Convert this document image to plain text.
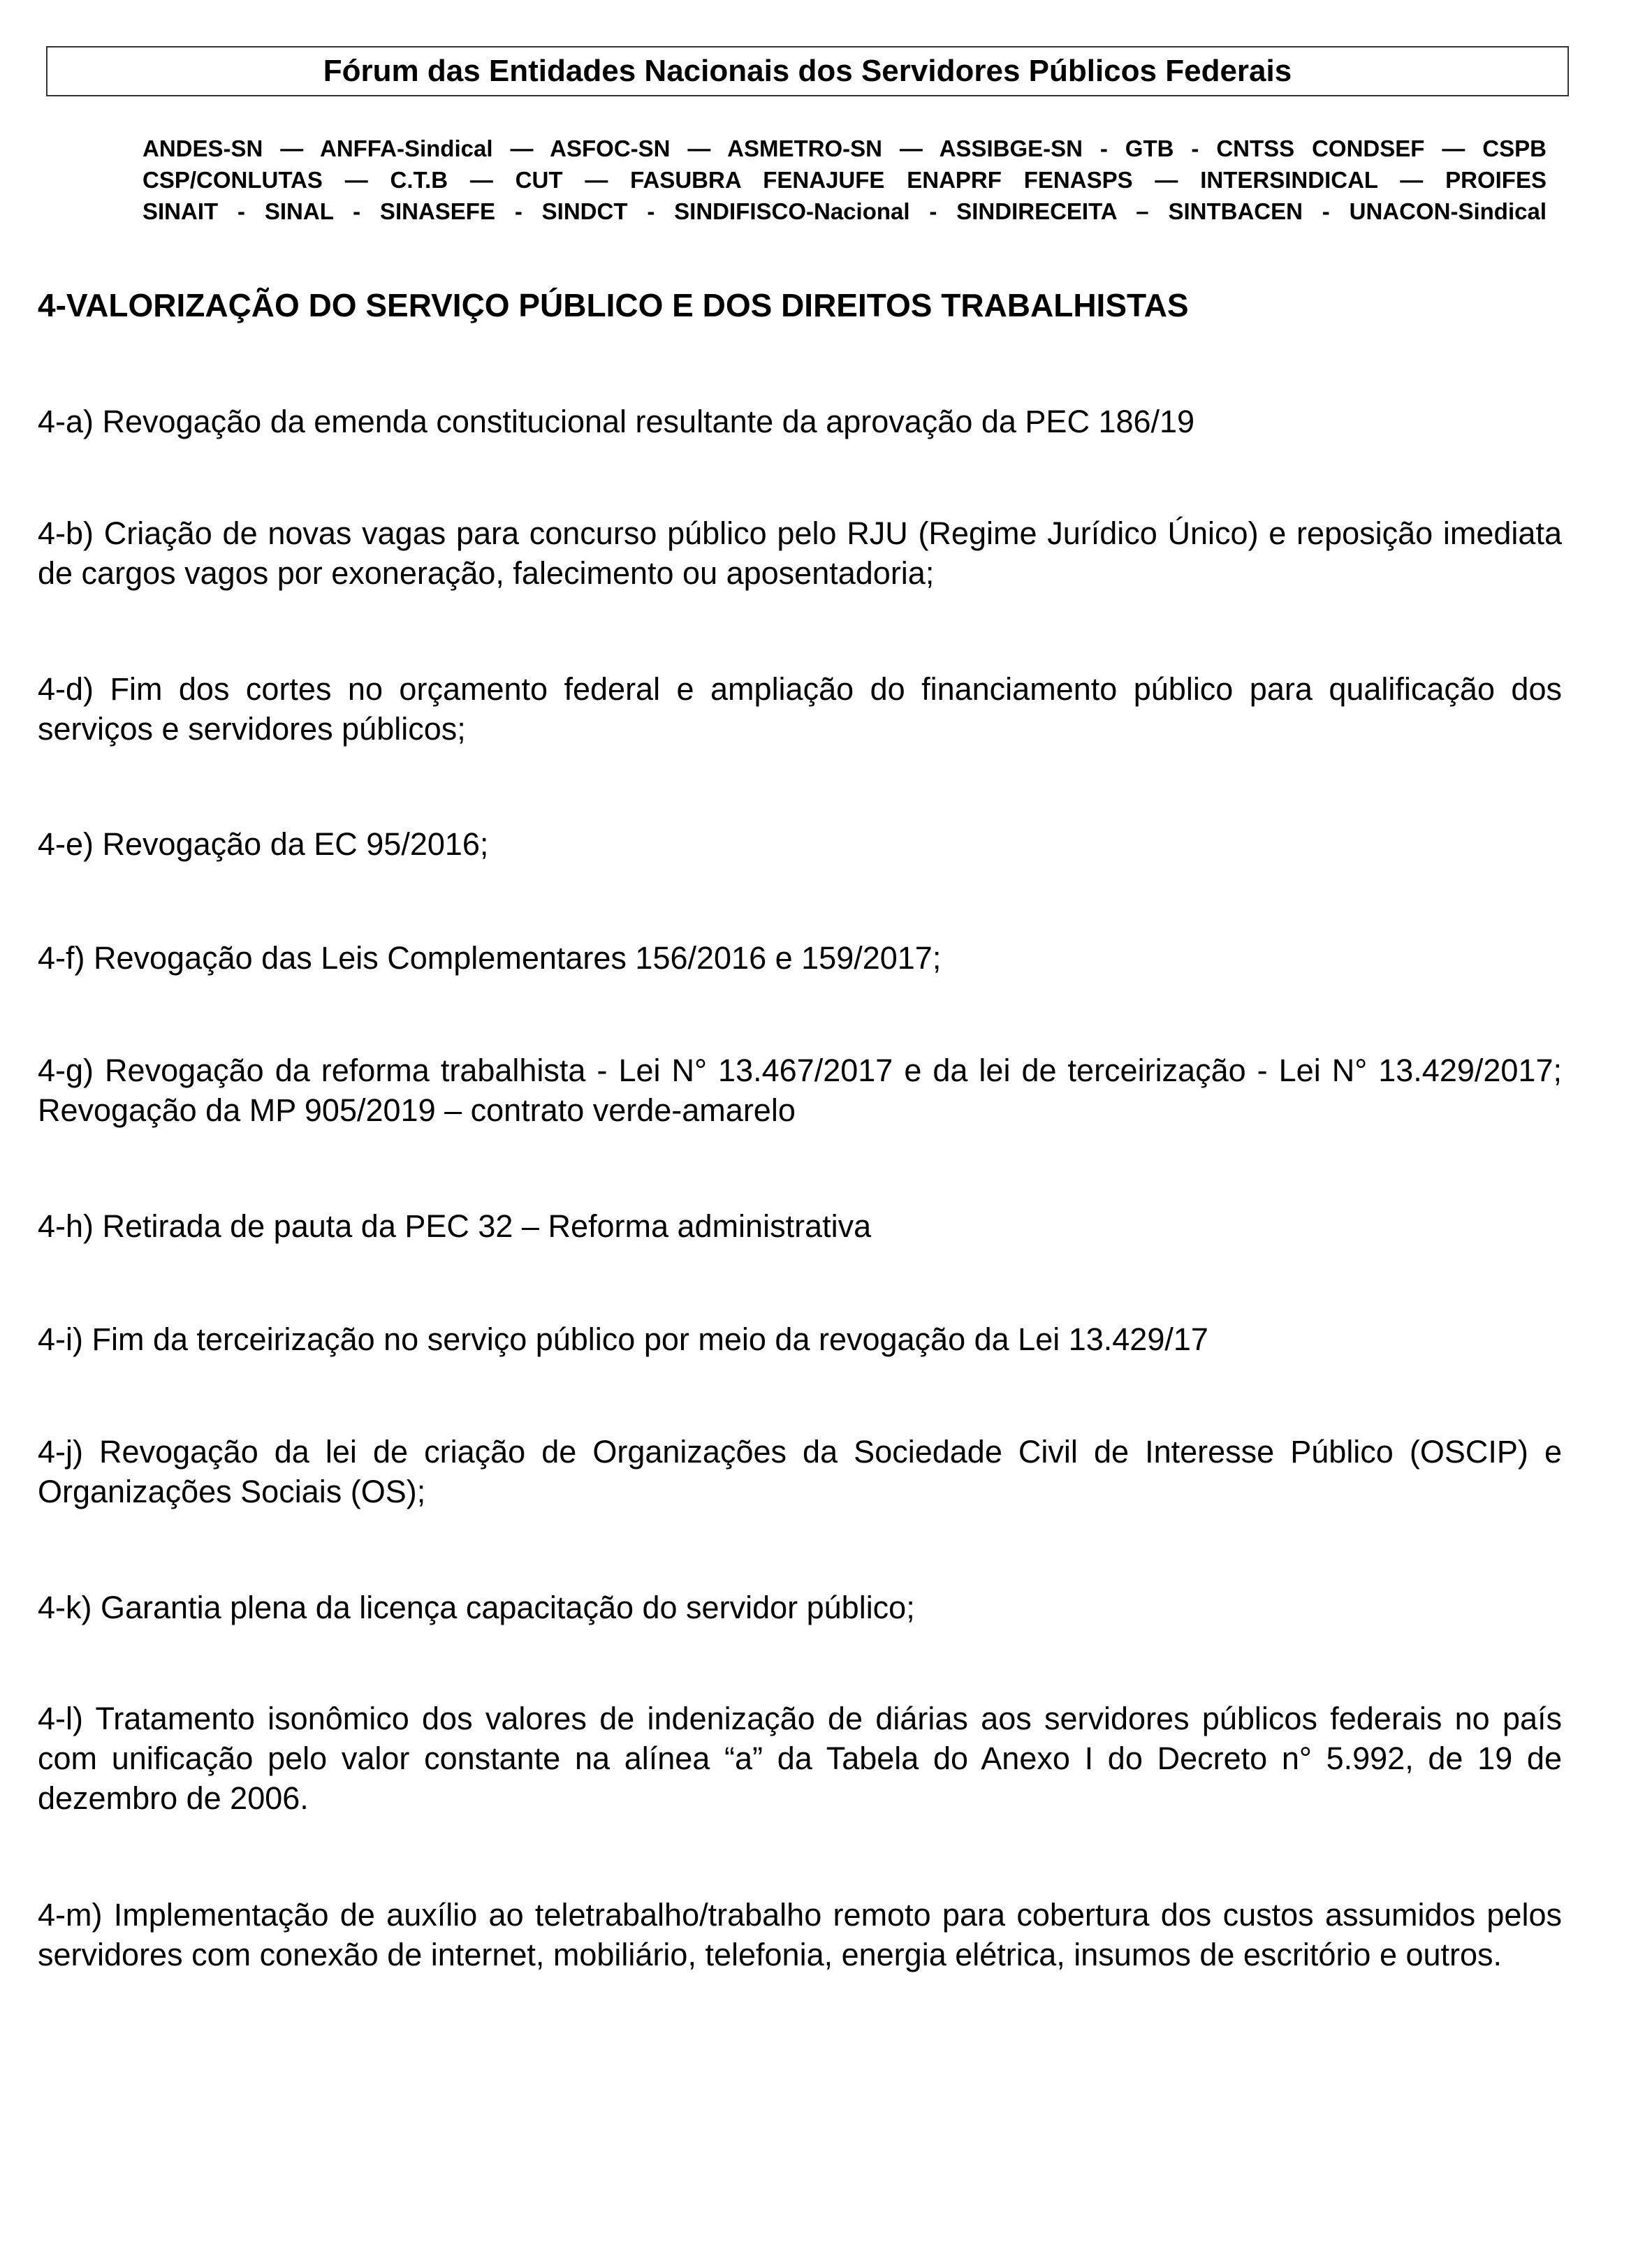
Fórum das Entidades Nacionais dos Servidores Públicos Federais
ANDES-SN — ANFFA-Sindical — ASFOC-SN — ASMETRO-SN — ASSIBGE-SN - GTB - CNTSS CONDSEF — CSPB
CSP/CONLUTAS — C.T.B — CUT — FASUBRA FENAJUFE ENAPRF FENASPS — INTERSINDICAL — PROIFES
SINAIT - SINAL - SINASEFE - SINDCT - SINDIFISCO-Nacional - SINDIRECEITA – SINTBACEN - UNACON-Sindical
4-VALORIZAÇÃO DO SERVIÇO PÚBLICO E DOS DIREITOS TRABALHISTAS
4-a) Revogação da emenda constitucional resultante da aprovação da PEC 186/19
4-b) Criação de novas vagas para concurso público pelo RJU (Regime Jurídico Único) e reposição imediata de cargos vagos por exoneração, falecimento ou aposentadoria;
4-d) Fim dos cortes no orçamento federal e ampliação do financiamento público para qualificação dos serviços e servidores públicos;
4-e) Revogação da EC 95/2016;
4-f) Revogação das Leis Complementares 156/2016 e 159/2017;
4-g) Revogação da reforma trabalhista - Lei N° 13.467/2017 e da lei de terceirização - Lei N° 13.429/2017; Revogação da MP 905/2019 – contrato verde-amarelo
4-h) Retirada de pauta da PEC 32 – Reforma administrativa
4-i) Fim da terceirização no serviço público por meio da revogação da Lei 13.429/17
4-j) Revogação da lei de criação de Organizações da Sociedade Civil de Interesse Público (OSCIP) e Organizações Sociais (OS);
4-k) Garantia plena da licença capacitação do servidor público;
4-l) Tratamento isonômico dos valores de indenização de diárias aos servidores públicos federais no país com unificação pelo valor constante na alínea “a” da Tabela do Anexo I do Decreto n° 5.992, de 19 de dezembro de 2006.
4-m) Implementação de auxílio ao teletrabalho/trabalho remoto para cobertura dos custos assumidos pelos servidores com conexão de internet, mobiliário, telefonia, energia elétrica, insumos de escritório e outros.
